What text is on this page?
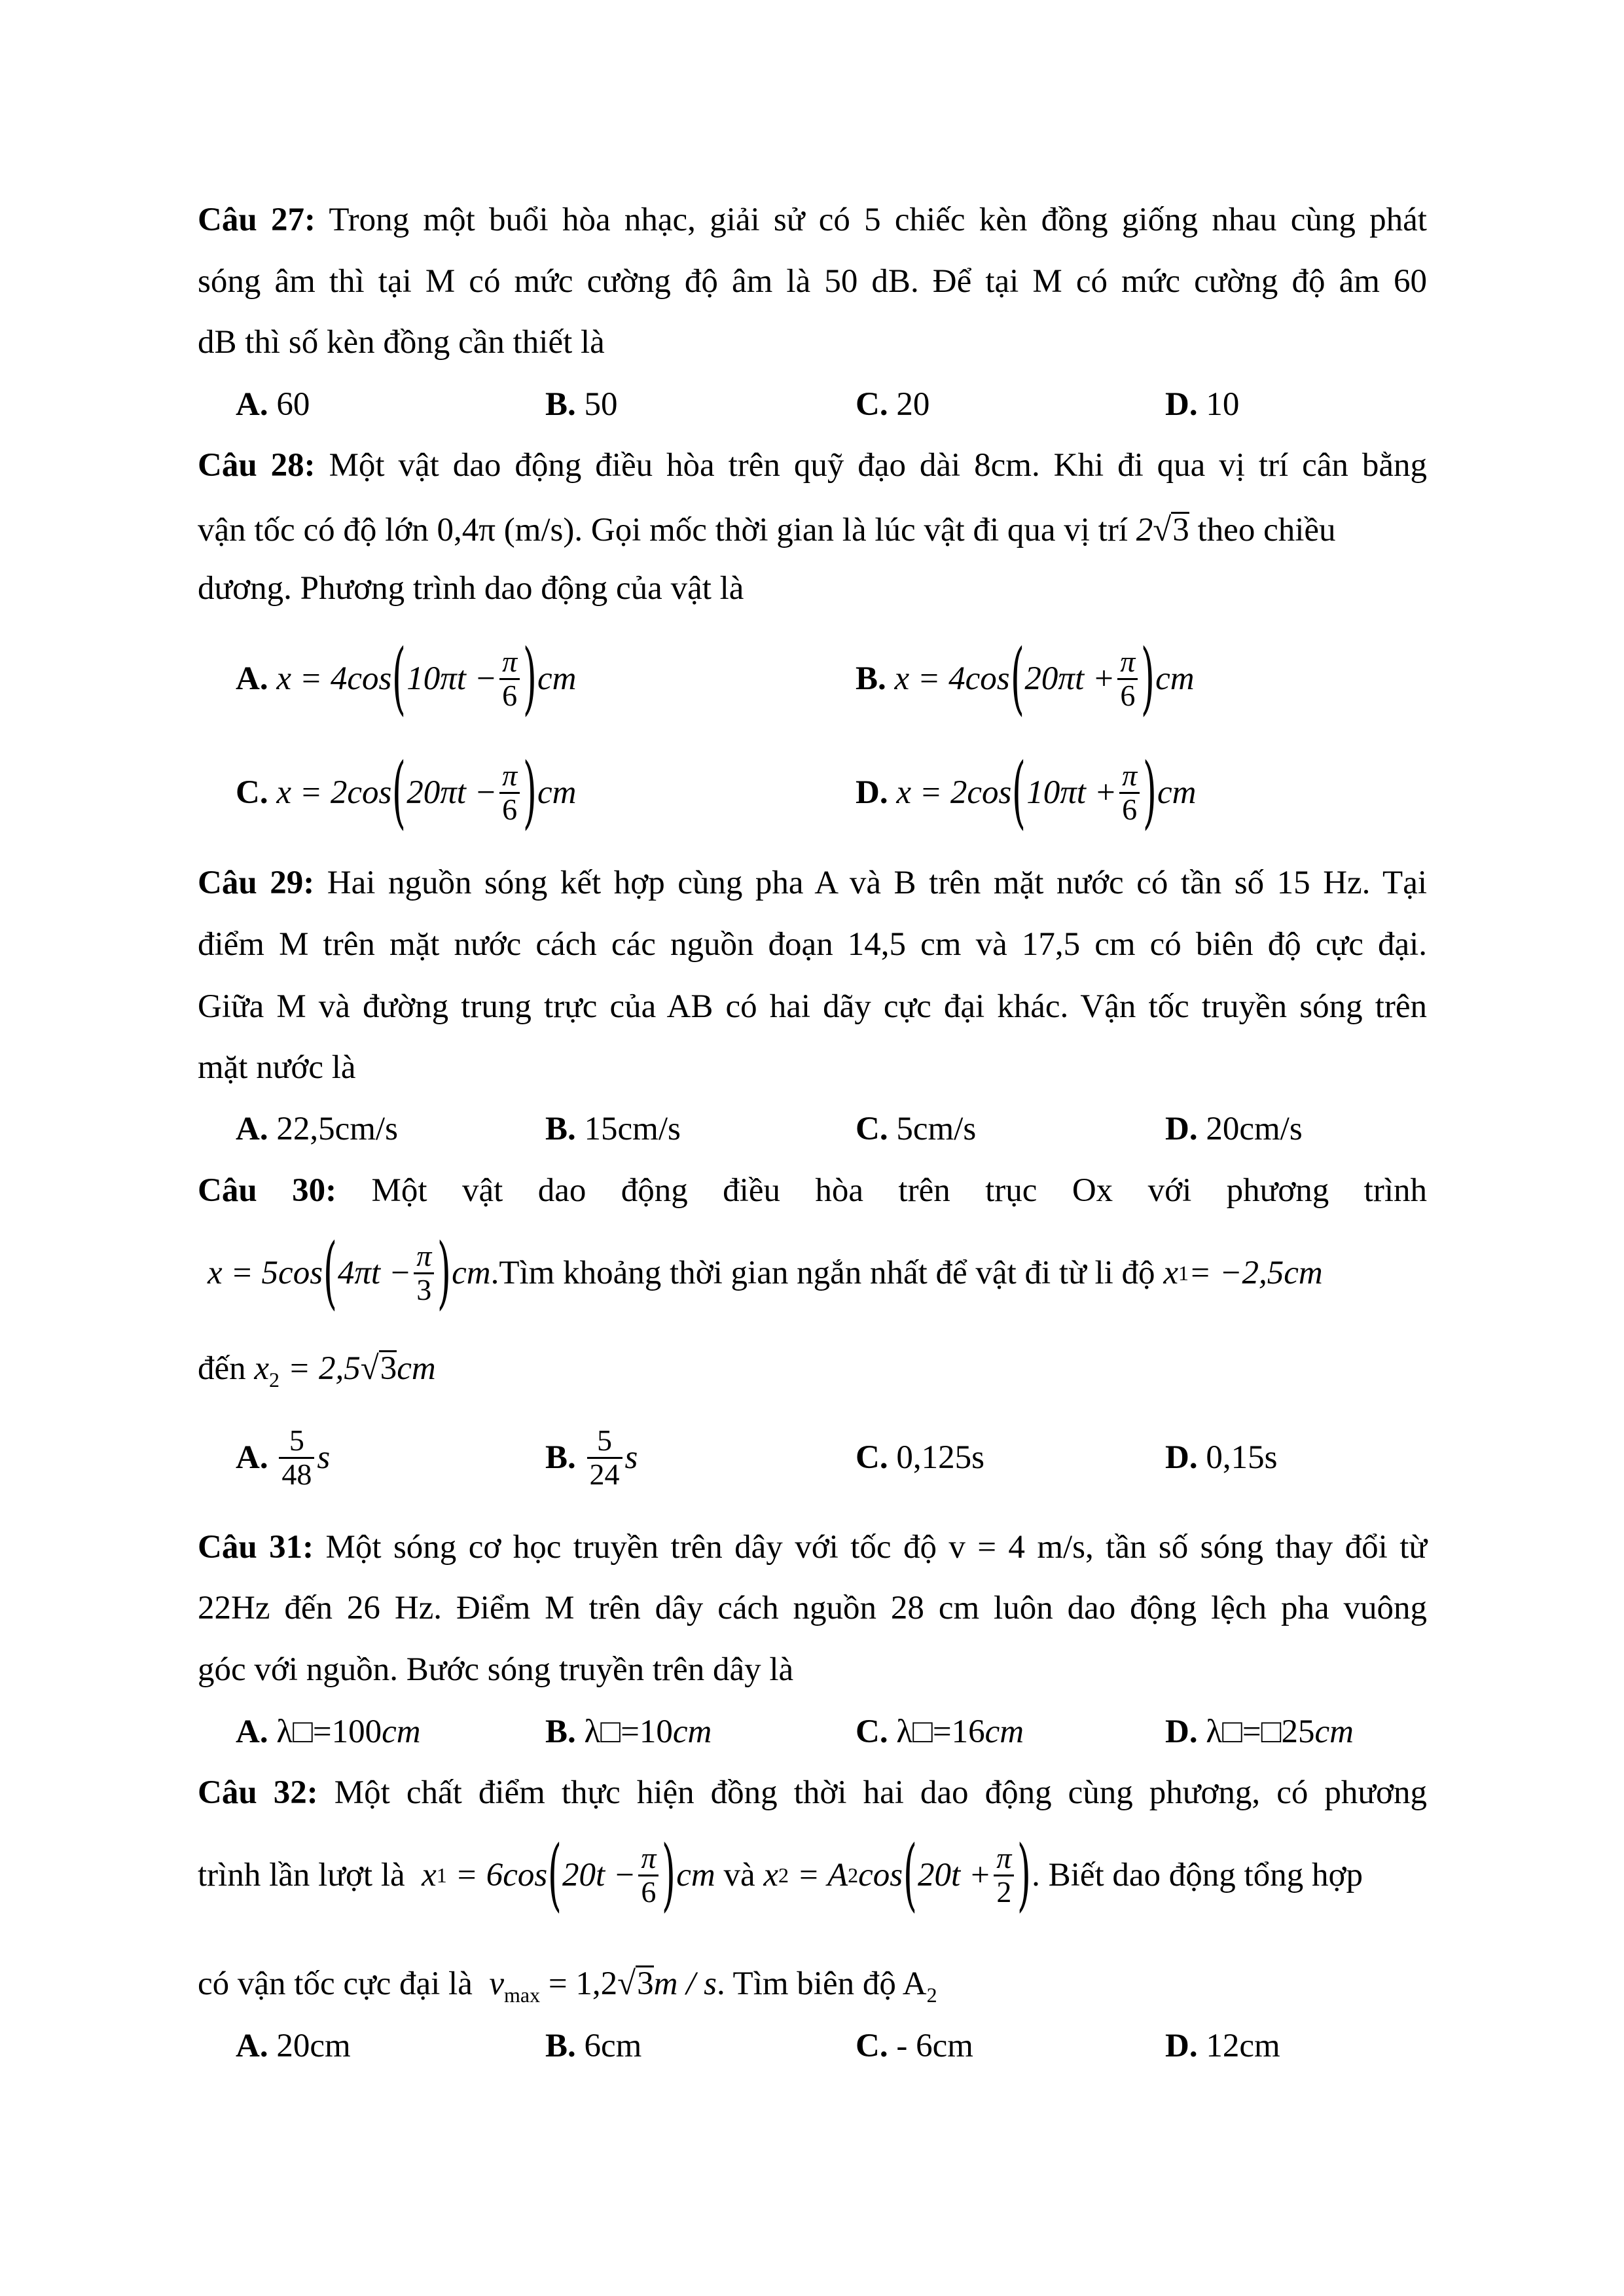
Câu 27: Trong một buổi hòa nhạc, giải sử có 5 chiếc kèn đồng giống nhau cùng phát
sóng âm thì tại M có mức cường độ âm là 50 dB. Để tại M có mức cường độ âm 60
dB thì số kèn đồng cần thiết là
A. 60	B. 50	C. 20	D. 10
Câu 28: Một vật dao động điều hòa trên quỹ đạo dài 8cm. Khi đi qua vị trí cân bằng
vận tốc có độ lớn 0,4π (m/s). Gọi mốc thời gian là lúc vật đi qua vị trí 2√3 theo chiều
dương. Phương trình dao động của vật là
A.
x = 4cos ( $10\pi t - \frac{\pi}{6}$ ) cm	B.
x = 4cos ( $20\pi t + \frac{\pi}{6}$ ) cm
C.
x = 2cos ( $20\pi t - \frac{\pi}{6}$ ) cm	D.
x = 2cos ( $10\pi t + \frac{\pi}{6}$ ) cm
Câu 29: Hai nguồn sóng kết hợp cùng pha A và B trên mặt nước có tần số 15 Hz. Tại
điểm M trên mặt nước cách các nguồn đoạn 14,5 cm và 17,5 cm có biên độ cực đại.
Giữa M và đường trung trực của AB có hai dãy cực đại khác. Vận tốc truyền sóng trên
mặt nước là
A. 22,5cm/s	B. 15cm/s	C. 5cm/s	D. 20cm/s
Câu 30: Một vật dao động điều hòa trên trục Ox với phương trình
x = 5cos ( $4\pi t - \frac{\pi}{3}$ ) cm .Tìm khoảng thời gian ngắn nhất để vật đi từ li độ
x 1 = −2,5cm
đến $x_2 = 2,5√3cm$
A.
$\frac{5}{48}$ s	B.
$\frac{5}{24}$ s	C.
0,125s	D.
0,15s
Câu 31: Một sóng cơ học truyền trên dây với tốc độ v = 4 m/s, tần số sóng thay đổi từ
22Hz đến 26 Hz. Điểm M trên dây cách nguồn 28 cm luôn dao động lệch pha vuông
góc với nguồn. Bước sóng truyền trên dây là
A. λ□=100cm	B. λ□=10cm	C. λ□=16cm	D. λ□=□25cm
Câu 32: Một chất điểm thực hiện đồng thời hai dao động cùng phương, có phương
trình lần lượt là
x 1
= 6cos ( $20t - \frac{\pi}{6}$ ) cm
và
x 2
= A 2 cos ( $20t + \frac{\pi}{2}$ ) . Biết dao động tổng hợp
có vận tốc cực đại là $v_{max} = 1,2√3m / s$. Tìm biên độ $A_2$
A. 20cm	B. 6cm	C. - 6cm	D. 12cm
